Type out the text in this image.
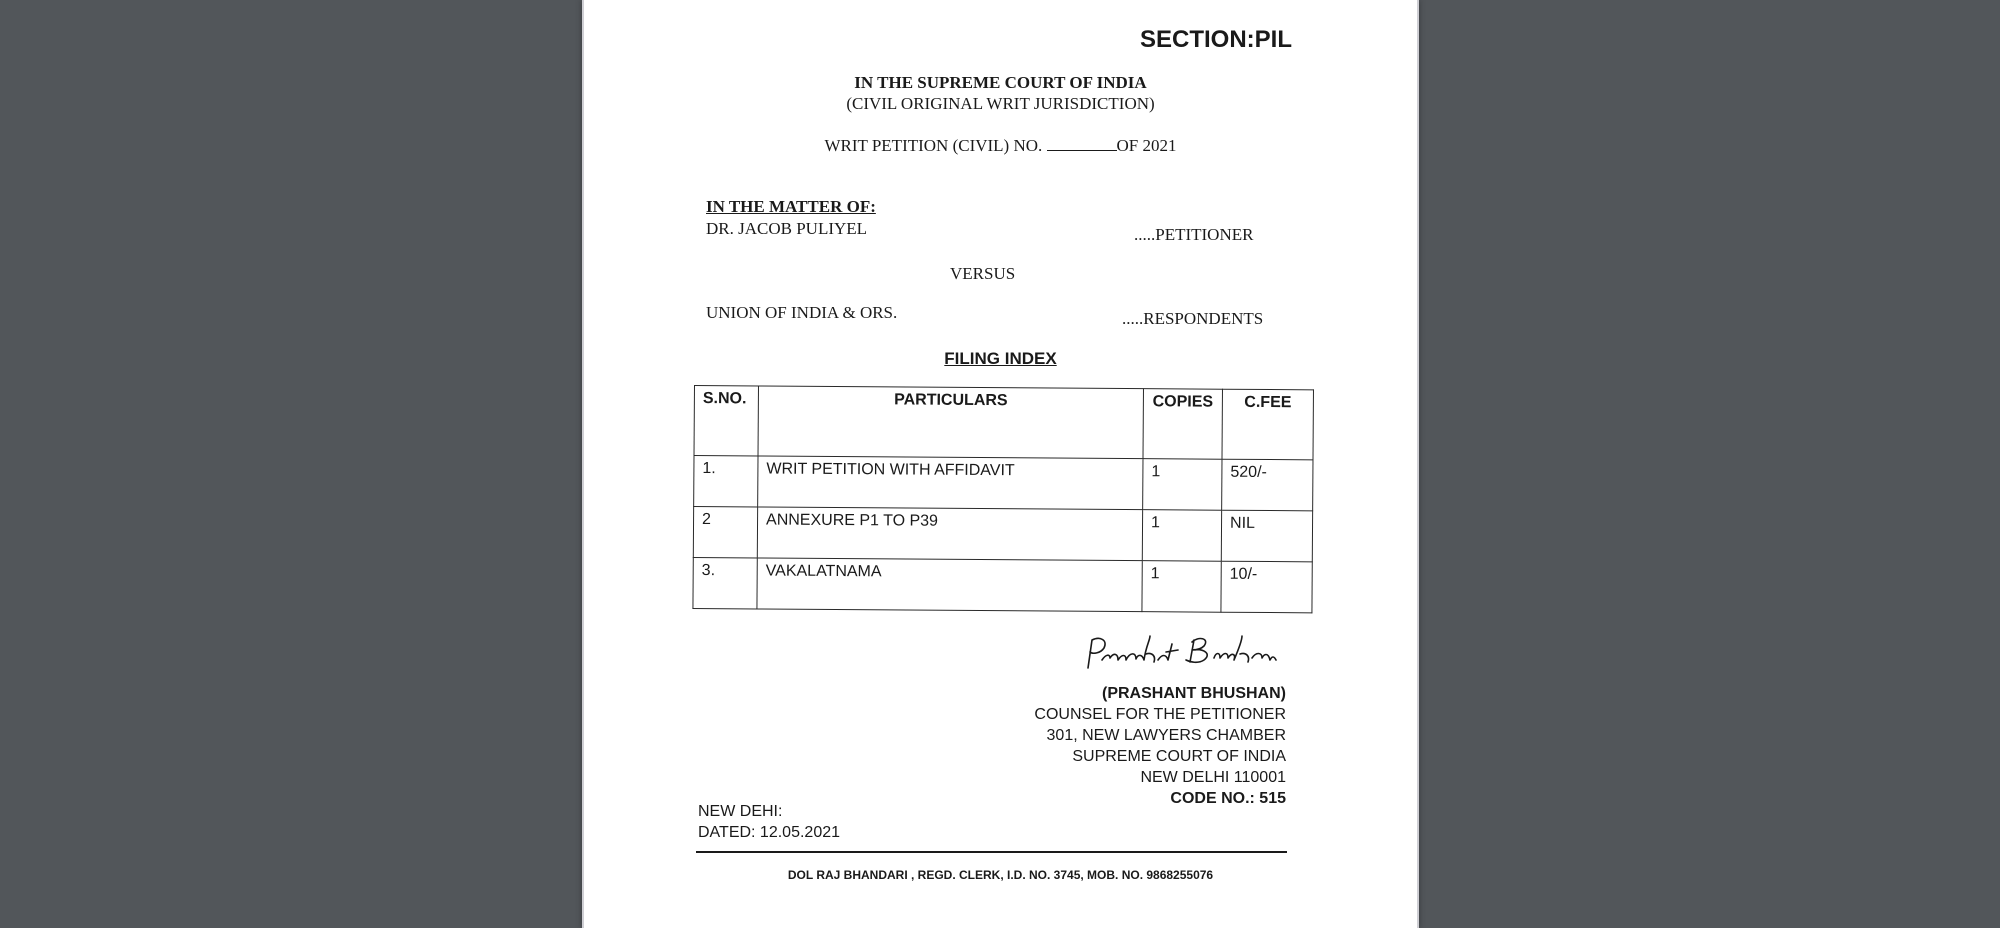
SECTION:PIL
IN THE SUPREME COURT OF INDIA
(CIVIL ORIGINAL WRIT JURISDICTION)
WRIT PETITION (CIVIL) NO.	OF 2021
IN THE MATTER OF:
DR. JACOB PULIYEL	.....PETITIONER
VERSUS
UNION OF INDIA & ORS.	.....RESPONDENTS
FILING INDEX
S.NO.	PARTICULARS	COPIES	C.FEE
1.	WRIT PETITION WITH AFFIDAVIT	1	520/-
2	ANNEXURE P1 TO P39	1	NIL
3.	VAKALATNAMA	1	10/-
(PRASHANT BHUSHAN)
COUNSEL FOR THE PETITIONER
301, NEW LAWYERS CHAMBER
SUPREME COURT OF INDIA
NEW DELHI 110001
CODE NO.: 515
NEW DEHI:
DATED: 12.05.2021
DOL RAJ BHANDARI , REGD. CLERK, I.D. NO. 3745, MOB. NO. 9868255076
